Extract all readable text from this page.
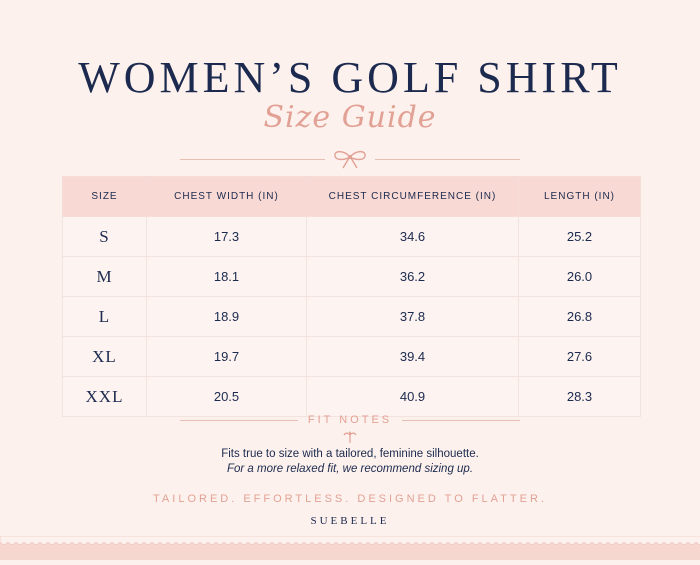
WOMEN’S GOLF SHIRT
Size Guide
SIZE	CHEST WIDTH (IN)	CHEST CIRCUMFERENCE (IN)	LENGTH (IN)
S	17.3	34.6	25.2
M	18.1	36.2	26.0
L	18.9	37.8	26.8
XL	19.7	39.4	27.6
XXL	20.5	40.9	28.3
FIT NOTES
Fits true to size with a tailored, feminine silhouette.
For a more relaxed fit, we recommend sizing up.
TAILORED. EFFORTLESS. DESIGNED TO FLATTER.
SUEBELLE
